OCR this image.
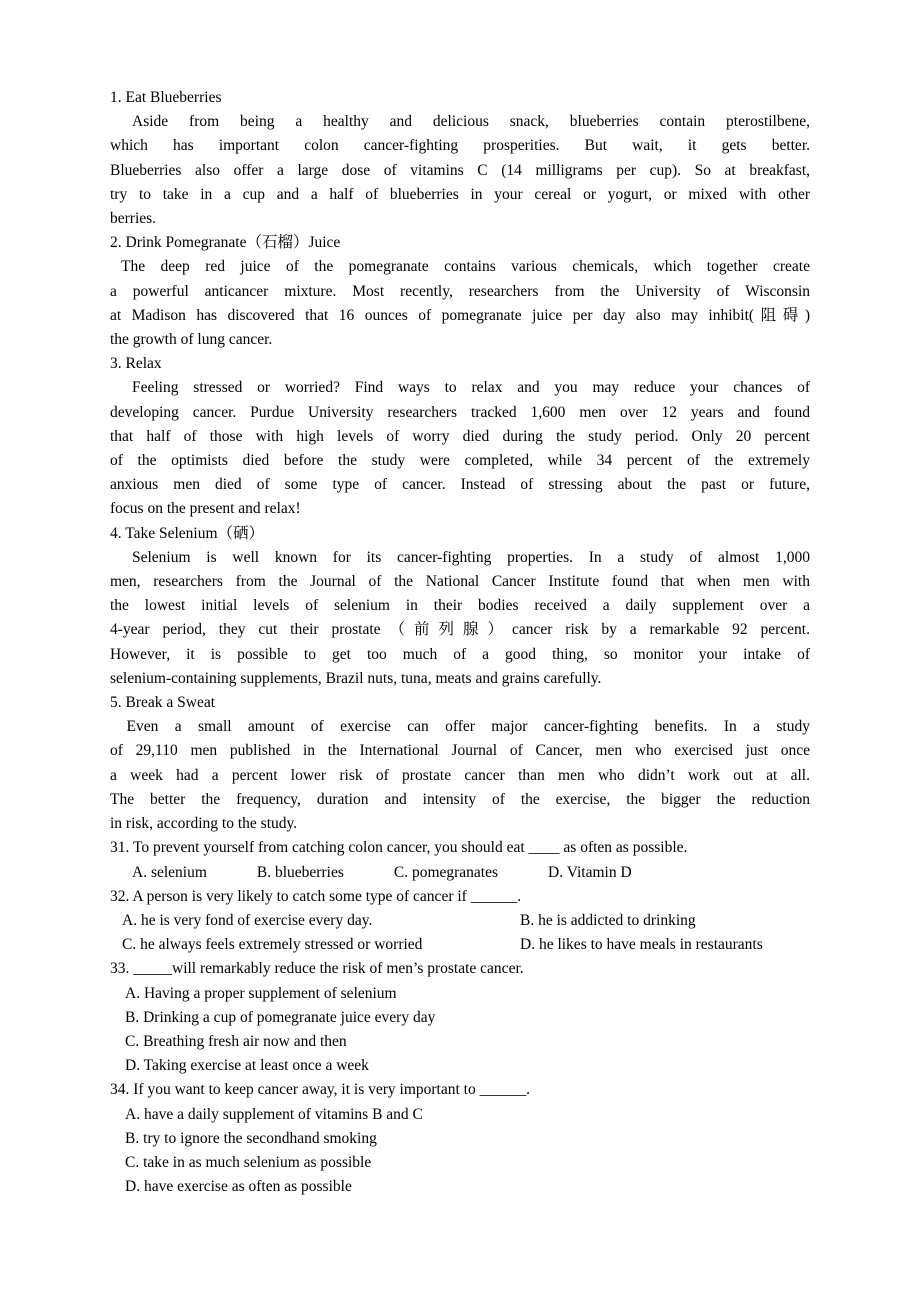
1. Eat Blueberries
Aside from being a healthy and delicious snack, blueberries contain pterostilbene,
which has important colon cancer-fighting prosperities. But wait, it gets better.
Blueberries also offer a large dose of vitamins C (14 milligrams per cup). So at breakfast,
try to take in a cup and a half of blueberries in your cereal or yogurt, or mixed with other
berries.
2. Drink Pomegranate（石榴）Juice
The deep red juice of the pomegranate contains various chemicals, which together create
a powerful anticancer mixture. Most recently, researchers from the University of Wisconsin
at Madison has discovered that 16 ounces of pomegranate juice per day also may inhibit(阻碍)
the growth of lung cancer.
3. Relax
Feeling stressed or worried? Find ways to relax and you may reduce your chances of
developing cancer. Purdue University researchers tracked 1,600 men over 12 years and found
that half of those with high levels of worry died during the study period. Only 20 percent
of the optimists died before the study were completed, while 34 percent of the extremely
anxious men died of some type of cancer. Instead of stressing about the past or future,
focus on the present and relax!
4. Take Selenium（硒）
Selenium is well known for its cancer-fighting properties. In a study of almost 1,000
men, researchers from the Journal of the National Cancer Institute found that when men with
the lowest initial levels of selenium in their bodies received a daily supplement over a
4-year period, they cut their prostate（前列腺）cancer risk by a remarkable 92 percent.
However, it is possible to get too much of a good thing, so monitor your intake of
selenium-containing supplements, Brazil nuts, tuna, meats and grains carefully.
5. Break a Sweat
Even a small amount of exercise can offer major cancer-fighting benefits. In a study
of 29,110 men published in the International Journal of Cancer, men who exercised just once
a week had a percent lower risk of prostate cancer than men who didn’t work out at all.
The better the frequency, duration and intensity of the exercise, the bigger the reduction
in risk, according to the study.
31. To prevent yourself from catching colon cancer, you should eat ____ as often as possible.
A. selenium	B. blueberries	C. pomegranates	D. Vitamin D
32. A person is very likely to catch some type of cancer if ______.
A. he is very fond of exercise every day.	B. he is addicted to drinking
C. he always feels extremely stressed or worried	D. he likes to have meals in restaurants
33. _____will remarkably reduce the risk of men’s prostate cancer.
A. Having a proper supplement of selenium
B. Drinking a cup of pomegranate juice every day
C. Breathing fresh air now and then
D. Taking exercise at least once a week
34. If you want to keep cancer away, it is very important to ______.
A. have a daily supplement of vitamins B and C
B. try to ignore the secondhand smoking
C. take in as much selenium as possible
D. have exercise as often as possible
